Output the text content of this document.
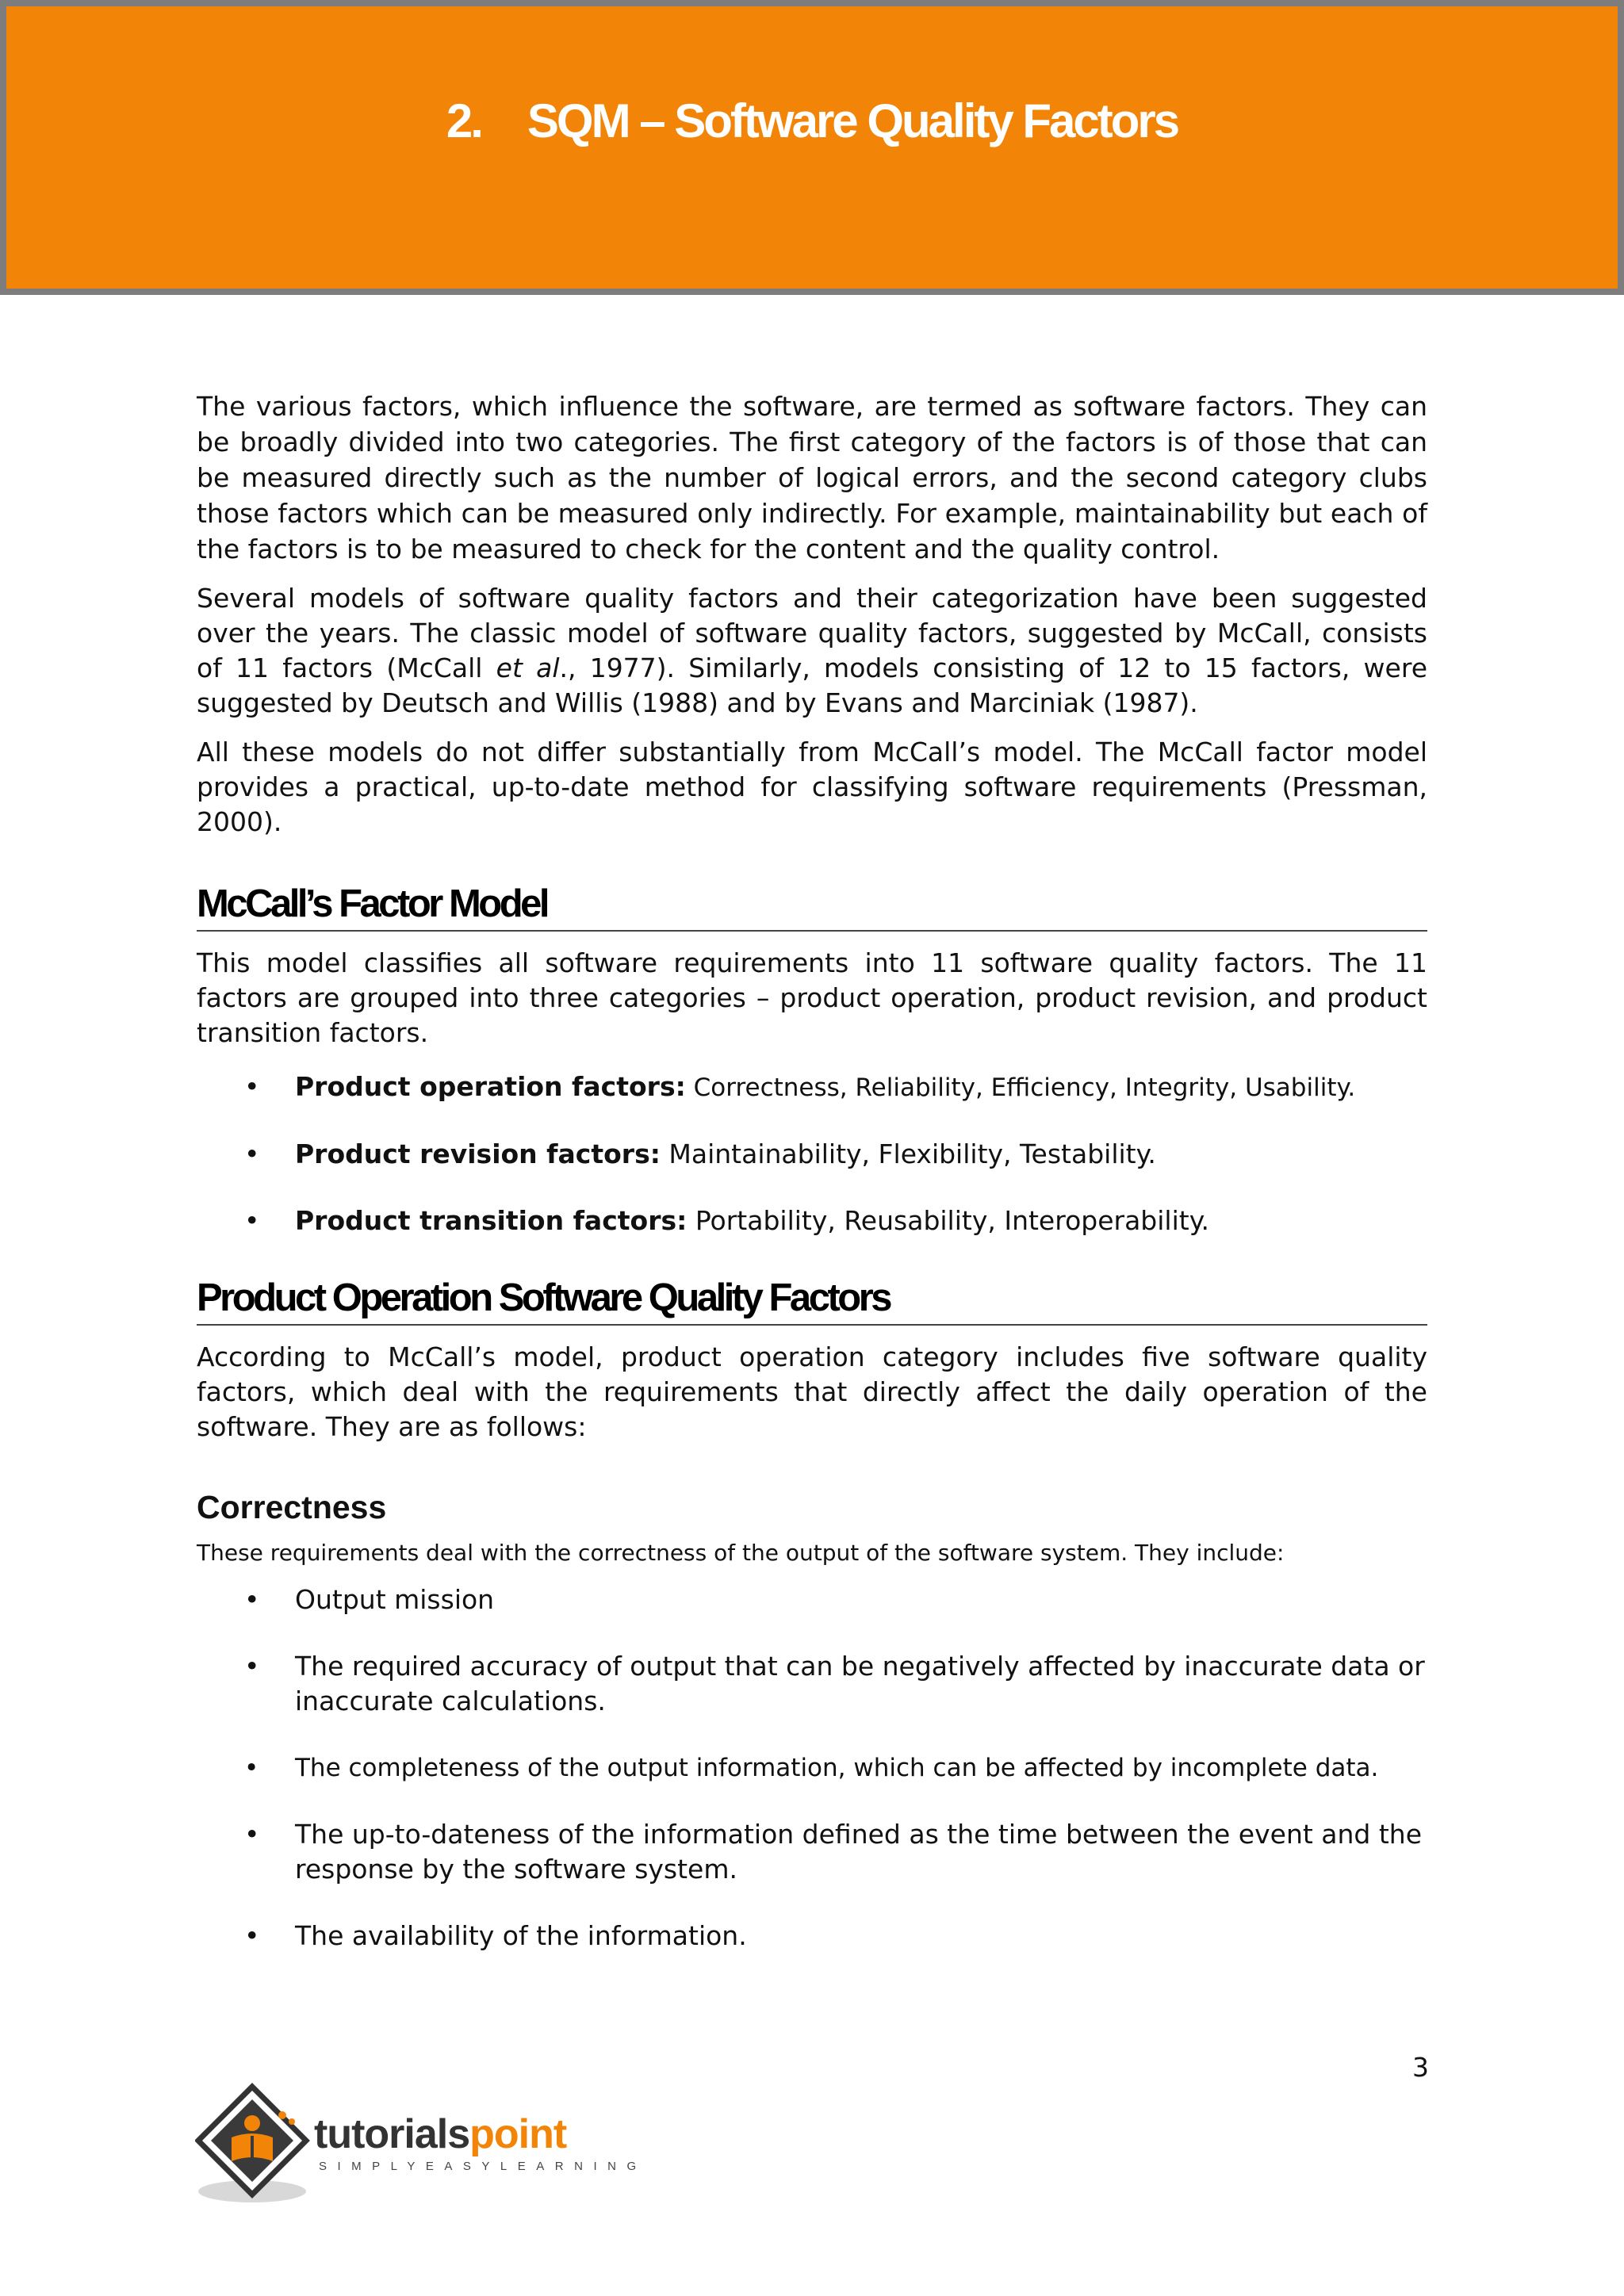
2. SQM – Software Quality Factors

The various factors, which influence the software, are termed as software factors. They can be broadly divided into two categories. The first category of the factors is of those that can be measured directly such as the number of logical errors, and the second category clubs those factors which can be measured only indirectly. For example, maintainability but each of the factors is to be measured to check for the content and the quality control.

Several models of software quality factors and their categorization have been suggested over the years. The classic model of software quality factors, suggested by McCall, consists of 11 factors (McCall et al., 1977). Similarly, models consisting of 12 to 15 factors, were suggested by Deutsch and Willis (1988) and by Evans and Marciniak (1987).

All these models do not differ substantially from McCall’s model. The McCall factor model provides a practical, up-to-date method for classifying software requirements (Pressman, 2000).

McCall’s Factor Model

This model classifies all software requirements into 11 software quality factors. The 11 factors are grouped into three categories – product operation, product revision, and product transition factors.

• Product operation factors: Correctness, Reliability, Efficiency, Integrity, Usability.
• Product revision factors: Maintainability, Flexibility, Testability.
• Product transition factors: Portability, Reusability, Interoperability.
Product Operation Software Quality Factors

According to McCall’s model, product operation category includes five software quality factors, which deal with the requirements that directly affect the daily operation of the software. They are as follows:

Correctness

These requirements deal with the correctness of the output of the software system. They include:

• Output mission
• The required accuracy of output that can be negatively affected by inaccurate data or inaccurate calculations.
• The completeness of the output information, which can be affected by incomplete data.
• The up-to-dateness of the information defined as the time between the event and the response by the software system.
• The availability of the information.
3
tutorialspoint
SIMPLYEASYLEARNING
